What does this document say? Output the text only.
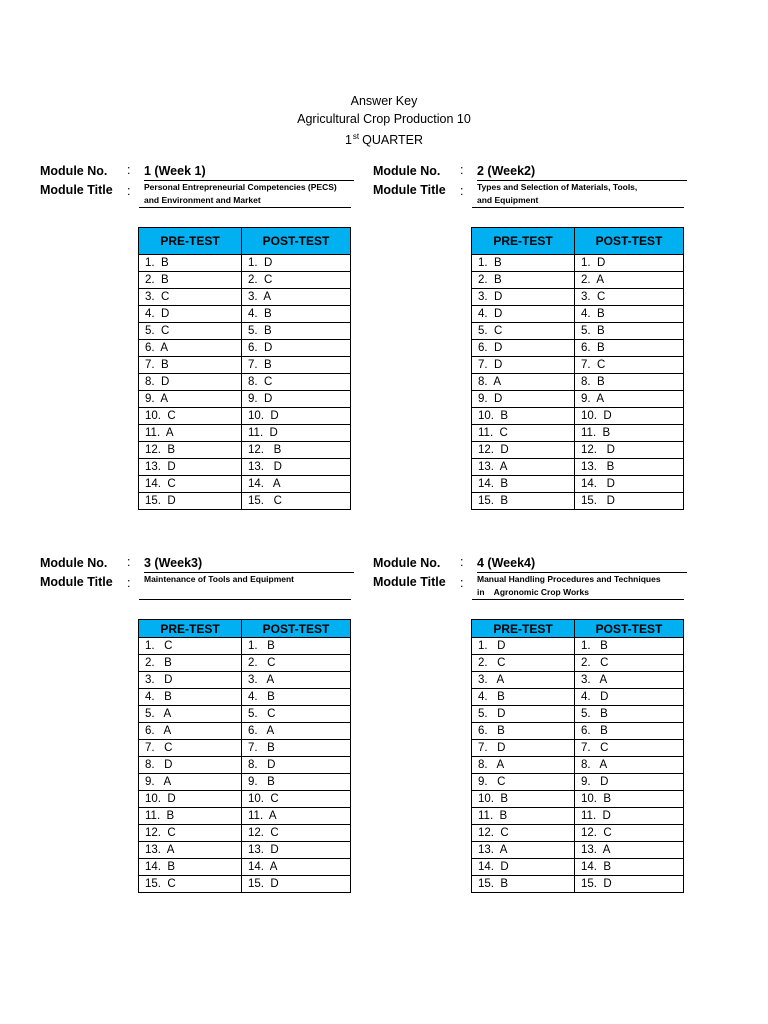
Answer Key
Agricultural Crop Production 10
1st QUARTER
Module No.
Module Title
:
:
1 (Week 1)
Personal Entrepreneurial Competencies (PECS)
and Environment and Market
PRE-TEST	POST-TEST
1.  B	1.  D
2.  B	2.  C
3.  C	3.  A
4.  D	4.  B
5.  C	5.  B
6.  A	6.  D
7.  B	7.  B
8.  D	8.  C
9.  A	9.  D
10.  C	10.  D
11.  A	11.  D
12.  B	12.   B
13.  D	13.   D
14.  C	14.   A
15.  D	15.   C
Module No.
Module Title
:
:
2 (Week2)
Types and Selection of Materials, Tools,
and Equipment
PRE-TEST	POST-TEST
1.  B	1.  D
2.  B	2.  A
3.  D	3.  C
4.  D	4.  B
5.  C	5.  B
6.  D	6.  B
7.  D	7.  C
8.  A	8.  B
9.  D	9.  A
10.  B	10.  D
11.  C	11.  B
12.  D	12.   D
13.  A	13.   B
14.  B	14.   D
15.  B	15.   D
Module No.
Module Title
:
:
3 (Week3)
Maintenance of Tools and Equipment
PRE-TEST	POST-TEST
1.   C	1.   B
2.   B	2.   C
3.   D	3.   A
4.   B	4.   B
5.   A	5.   C
6.   A	6.   A
7.   C	7.   B
8.   D	8.   D
9.   A	9.   B
10.  D	10.  C
11.  B	11.  A
12.  C	12.  C
13.  A	13.  D
14.  B	14.  A
15.  C	15.  D
Module No.
Module Title
:
:
4 (Week4)
Manual Handling Procedures and Techniques
in    Agronomic Crop Works
PRE-TEST	POST-TEST
1.   D	1.   B
2.   C	2.   C
3.   A	3.   A
4.   B	4.   D
5.   D	5.   B
6.   B	6.   B
7.   D	7.   C
8.   A	8.   A
9.   C	9.   D
10.  B	10.  B
11.  B	11.  D
12.  C	12.  C
13.  A	13.  A
14.  D	14.  B
15.  B	15.  D
